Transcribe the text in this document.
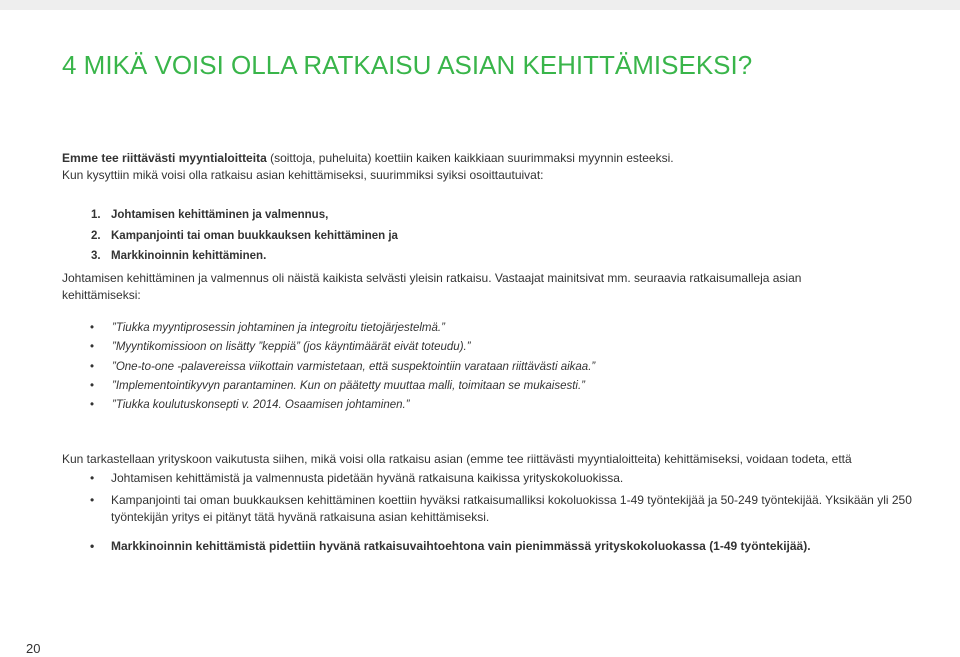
4 MIKÄ VOISI OLLA RATKAISU ASIAN KEHITTÄMISEKSI?

Emme tee riittävästi myyntialoitteita (soittoja, puheluita) koettiin kaiken kaikkiaan suurimmaksi myynnin esteeksi.

Kun kysyttiin mikä voisi olla ratkaisu asian kehittämiseksi, suurimmiksi syiksi osoittautuivat:

1. Johtamisen kehittäminen ja valmennus,
2. Kampanjointi tai oman buukkauksen kehittäminen ja
3. Markkinoinnin kehittäminen.

Johtamisen kehittäminen ja valmennus oli näistä kaikista selvästi yleisin ratkaisu. Vastaajat mainitsivat mm. seuraavia ratkaisumalleja asian kehittämiseksi:

• ”Tiukka myyntiprosessin johtaminen ja integroitu tietojärjestelmä.”
• ”Myyntikomissioon on lisätty ”keppiä” (jos käyntimäärät eivät toteudu).”
• ”One-to-one -palavereissa viikottain varmistetaan, että suspektointiin varataan riittävästi aikaa.”
• ”Implementointikyvyn parantaminen. Kun on päätetty muuttaa malli, toimitaan se mukaisesti.”
• ”Tiukka koulutuskonsepti v. 2014. Osaamisen johtaminen.”

Kun tarkastellaan yrityskoon vaikutusta siihen, mikä voisi olla ratkaisu asian (emme tee riittävästi myyntialoitteita) kehittämiseksi, voidaan todeta, että

• Johtamisen kehittämistä ja valmennusta pidetään hyvänä ratkaisuna kaikissa yrityskokoluokissa.
• Kampanjointi tai oman buukkauksen kehittäminen koettiin hyväksi ratkaisumalliksi kokoluokissa 1-49 työntekijää ja 50-249 työntekijää. Yksikään yli 250 työntekijän yritys ei pitänyt tätä hyvänä ratkaisuna asian kehittämiseksi.
• Markkinoinnin kehittämistä pidettiin hyvänä ratkaisuvaihtoehtona vain pienimmässä yrityskokoluokassa (1-49 työntekijää).
20
